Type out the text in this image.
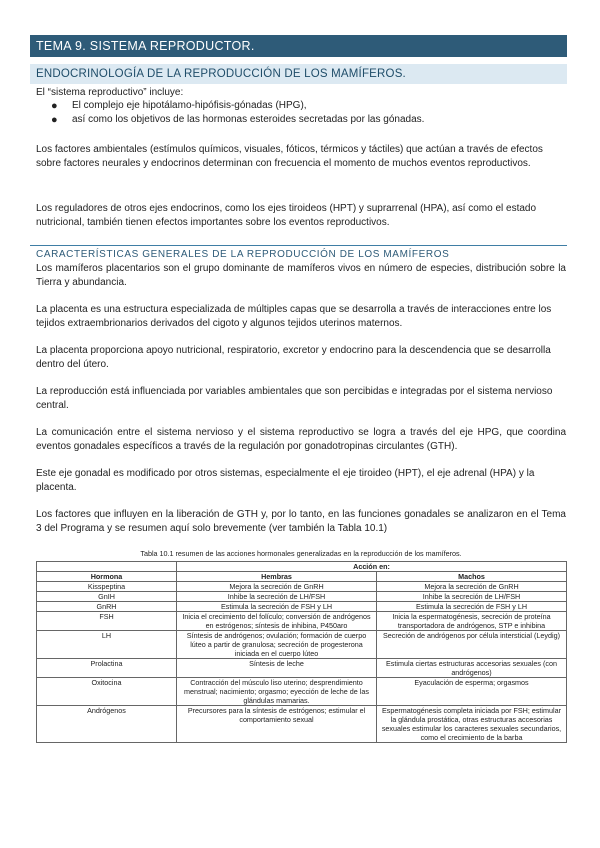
TEMA 9. SISTEMA REPRODUCTOR.
ENDOCRINOLOGÍA DE LA REPRODUCCIÓN DE LOS MAMÍFEROS.
El “sistema reproductivo” incluye:
● El complejo eje hipotálamo-hipófisis-gónadas (HPG),
● así como los objetivos de las hormonas esteroides secretadas por las gónadas.
Los factores ambientales (estímulos químicos, visuales, fóticos, térmicos y táctiles) que actúan a través de efectos sobre factores neurales y endocrinos determinan con frecuencia el momento de muchos eventos reproductivos.
Los reguladores de otros ejes endocrinos, como los ejes tiroideos (HPT) y suprarrenal (HPA), así como el estado nutricional, también tienen efectos importantes sobre los eventos reproductivos.
CARACTERÍSTICAS GENERALES DE LA REPRODUCCIÓN DE LOS MAMÍFEROS
Los mamíferos placentarios son el grupo dominante de mamíferos vivos en número de especies, distribución sobre la Tierra y abundancia.
La placenta es una estructura especializada de múltiples capas que se desarrolla a través de interacciones entre los tejidos extraembrionarios derivados del cigoto y algunos tejidos uterinos maternos.
La placenta proporciona apoyo nutricional, respiratorio, excretor y endocrino para la descendencia que se desarrolla dentro del útero.
La reproducción está influenciada por variables ambientales que son percibidas e integradas por el sistema nervioso central.
La comunicación entre el sistema nervioso y el sistema reproductivo se logra a través del eje HPG, que coordina eventos gonadales específicos a través de la regulación por gonadotropinas circulantes (GTH).
Este eje gonadal es modificado por otros sistemas, especialmente el eje tiroideo (HPT), el eje adrenal (HPA) y la placenta.
Los factores que influyen en la liberación de GTH y, por lo tanto, en las funciones gonadales se analizaron en el Tema 3 del Programa y se resumen aquí solo brevemente (ver también la Tabla 10.1)
Tabla 10.1 resumen de las acciones hormonales generalizadas en la reproducción de los mamíferos.
	Acción en:	
Hormona	Hembras	Machos
Kisspeptina	Mejora la secreción de GnRH	Mejora la secreción de GnRH
GnIH	Inhibe la secreción de LH/FSH	Inhibe la secreción de LH/FSH
GnRH	Estimula la secreción de FSH y LH	Estimula la secreción de FSH y LH
FSH	Inicia el crecimiento del folículo; conversión de andrógenos en estrógenos; síntesis de inhibina, P450aro	Inicia la espermatogénesis, secreción de proteína transportadora de andrógenos, STP e inhibina
LH	Síntesis de andrógenos; ovulación; formación de cuerpo lúteo a partir de granulosa; secreción de progesterona iniciada en el cuerpo lúteo	Secreción de andrógenos por célula intersticial (Leydig)
Prolactina	Síntesis de leche	Estimula ciertas estructuras accesorias sexuales (con andrógenos)
Oxitocina	Contracción del músculo liso uterino; desprendimiento menstrual; nacimiento; orgasmo; eyección de leche de las glándulas mamarias.	Eyaculación de esperma; orgasmos
Andrógenos	Precursores para la síntesis de estrógenos; estimular el comportamiento sexual	Espermatogénesis completa iniciada por FSH; estimular la glándula prostática, otras estructuras accesorias sexuales estimular los caracteres sexuales secundarios, como el crecimiento de la barba
